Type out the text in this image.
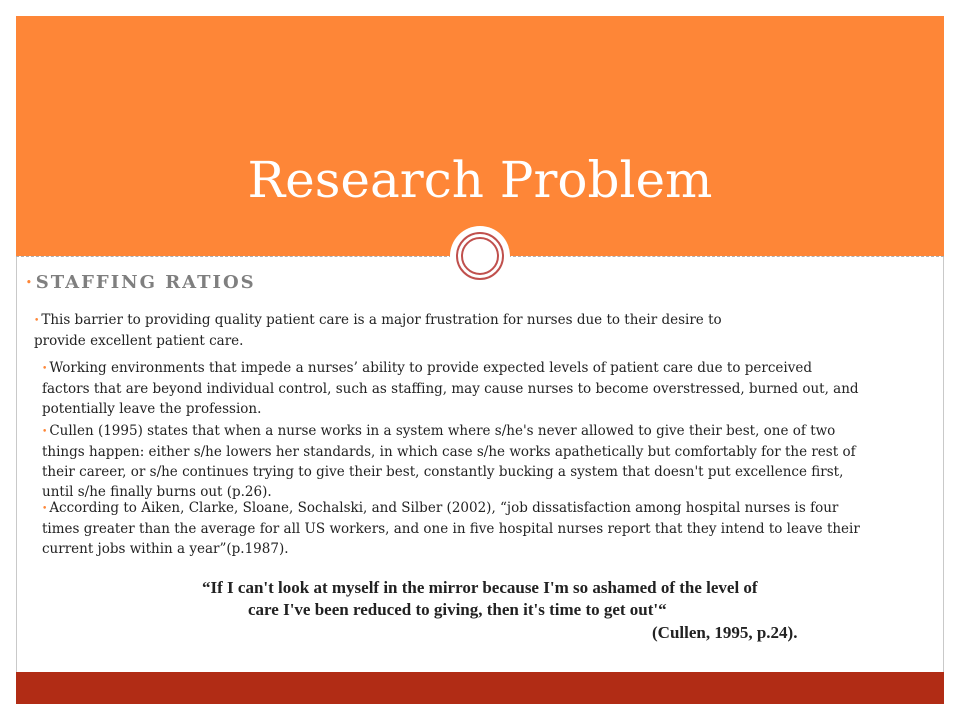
Research Problem
• STAFFING RATIOS
• This barrier to providing quality patient care is a major frustration for nurses due to their desire to provide excellent patient care.
• Working environments that impede a nurses’ ability to provide expected levels of patient care due to perceived factors that are beyond individual control, such as staffing, may cause nurses to become overstressed, burned out, and potentially leave the profession.
• Cullen (1995) states that when a nurse works in a system where s/he's never allowed to give their best, one of two things happen: either s/he lowers her standards, in which case s/he works apathetically but comfortably for the rest of their career, or s/he continues trying to give their best, constantly bucking a system that doesn't put excellence first, until s/he finally burns out (p.26).
• According to Aiken, Clarke, Sloane, Sochalski, and Silber (2002), “job dissatisfaction among hospital nurses is four times greater than the average for all US workers, and one in five hospital nurses report that they intend to leave their current jobs within a year”(p.1987).
“If I can't look at myself in the mirror because I'm so ashamed of the level of
care I've been reduced to giving, then it's time to get out'“
(Cullen, 1995, p.24).
